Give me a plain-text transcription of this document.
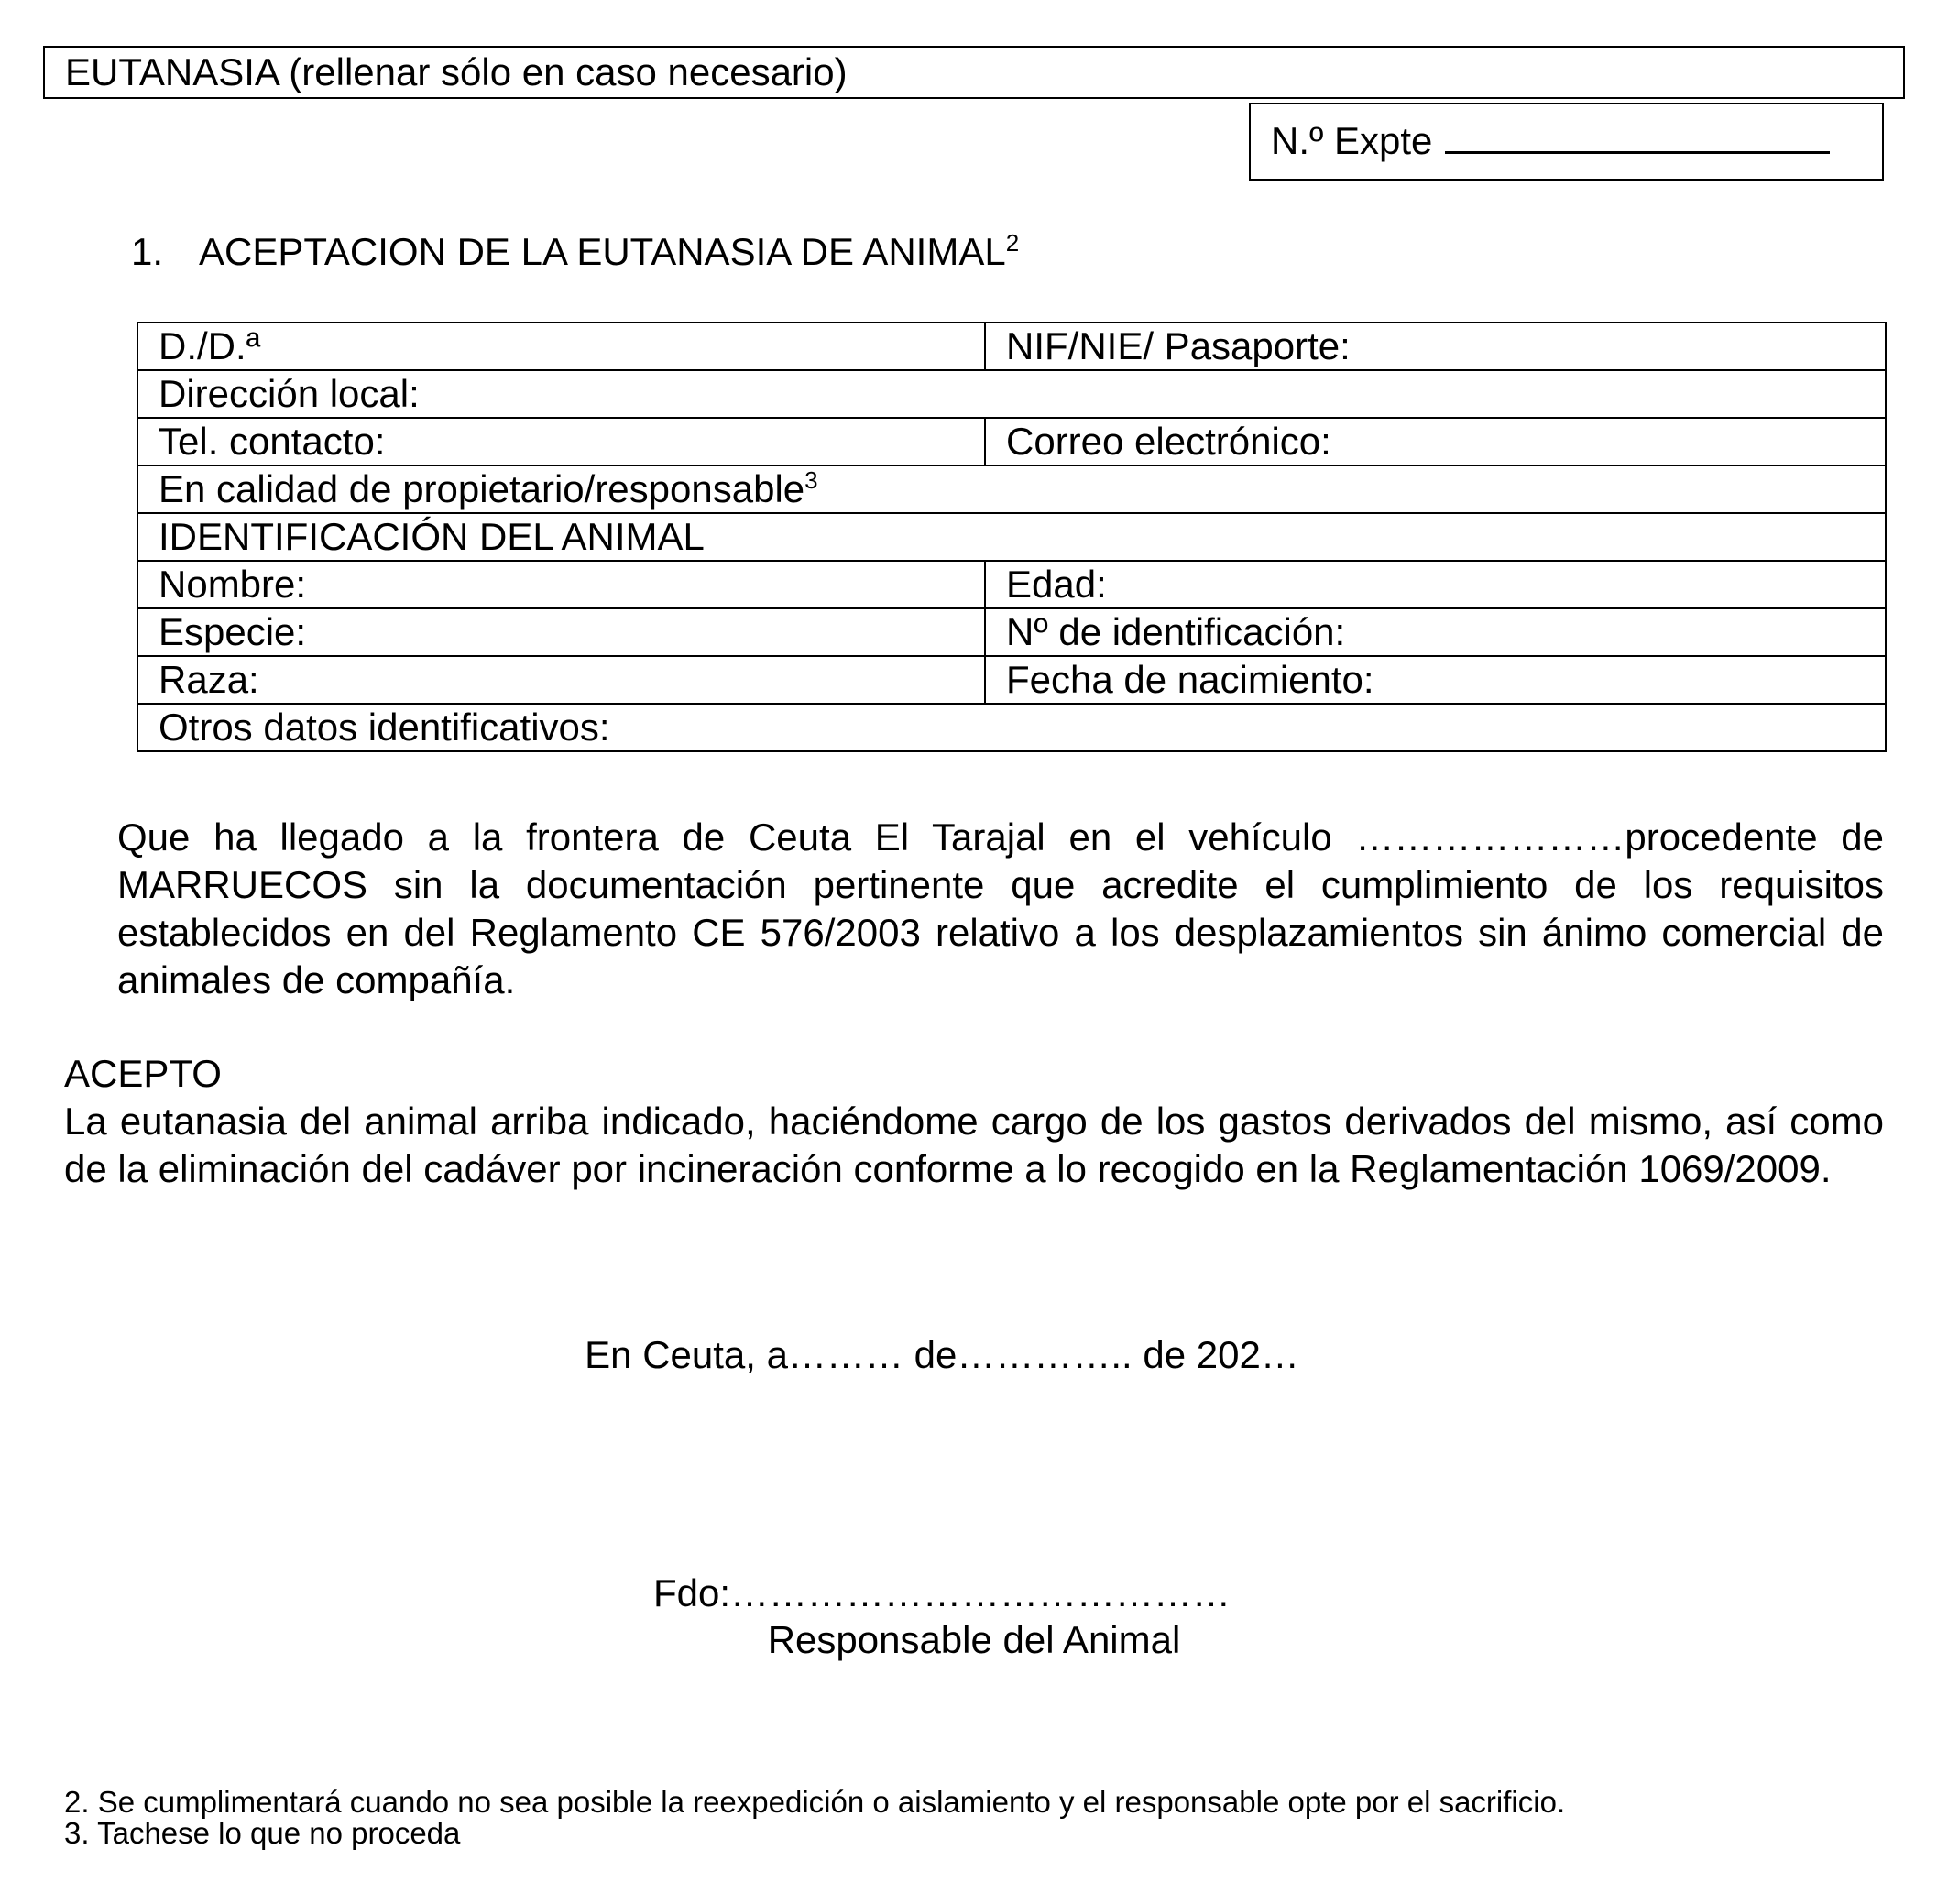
EUTANASIA (rellenar sólo en caso necesario)
N.º Expte
1. ACEPTACION DE LA EUTANASIA DE ANIMAL$^2$
D./D.ª	NIF/NIE/ Pasaporte:
Dirección local:	
Tel. contacto:	Correo electrónico:
En calidad de propietario/responsable$^3$
IDENTIFICACIÓN DEL ANIMAL	
Nombre:	Edad:
Especie:	Nº de identificación:
Raza:	Fecha de nacimiento:
Otros datos identificativos:	
Que ha llegado a la frontera de Ceuta El Tarajal en el vehículo …………………procedente de MARRUECOS sin la documentación pertinente que acredite el cumplimiento de los requisitos establecidos en del Reglamento CE 576/2003 relativo a los desplazamientos sin ánimo comercial de animales de compañía.
ACEPTO
La eutanasia del animal arriba indicado, haciéndome cargo de los gastos derivados del mismo, así como de la eliminación del cadáver por incineración conforme a lo recogido en la Reglamentación 1069/2009.
En Ceuta, a……… de………….. de 202…
Fdo:…………………………………
Responsable del Animal
2. Se cumplimentará cuando no sea posible la reexpedición o aislamiento y el responsable opte por el sacrificio.
3. Tachese lo que no proceda
